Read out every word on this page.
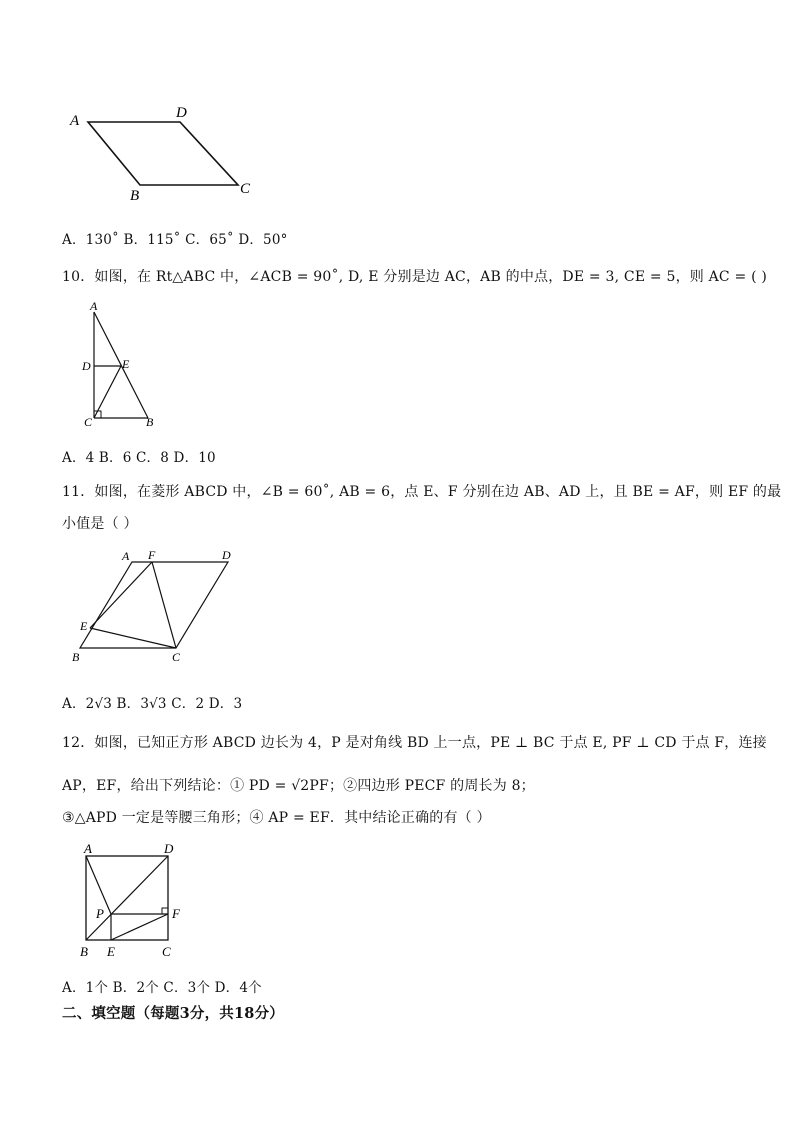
A	D
B	C
A．130˚ B．115˚ C．65˚ D．50°
10．如图，在 Rt△ABC 中，∠ACB = 90˚, D, E 分别是边 AC，AB 的中点，DE = 3, CE = 5，则 AC = ( )
A
D	E
C	B
A．4 B．6 C．8 D．10
11．如图，在菱形 ABCD 中，∠B = 60˚, AB = 6，点 E、F 分别在边 AB、AD 上，且 BE = AF，则 EF 的最
小值是（ ）
A F	D
E
B	C
A．2√3 B．3√3 C．2 D．3
12．如图，已知正方形 ABCD 边长为 4，P 是对角线 BD 上一点，PE ⊥ BC 于点 E, PF ⊥ CD 于点 F，连接
AP，EF，给出下列结论：① PD = √2PF；②四边形 PECF 的周长为 8；
③△APD 一定是等腰三角形；④ AP = EF．其中结论正确的有（ ）
A	D
P	F
B E	C
A．1个 B．2个 C．3个 D．4个
二、填空题（每题3分，共18分）
